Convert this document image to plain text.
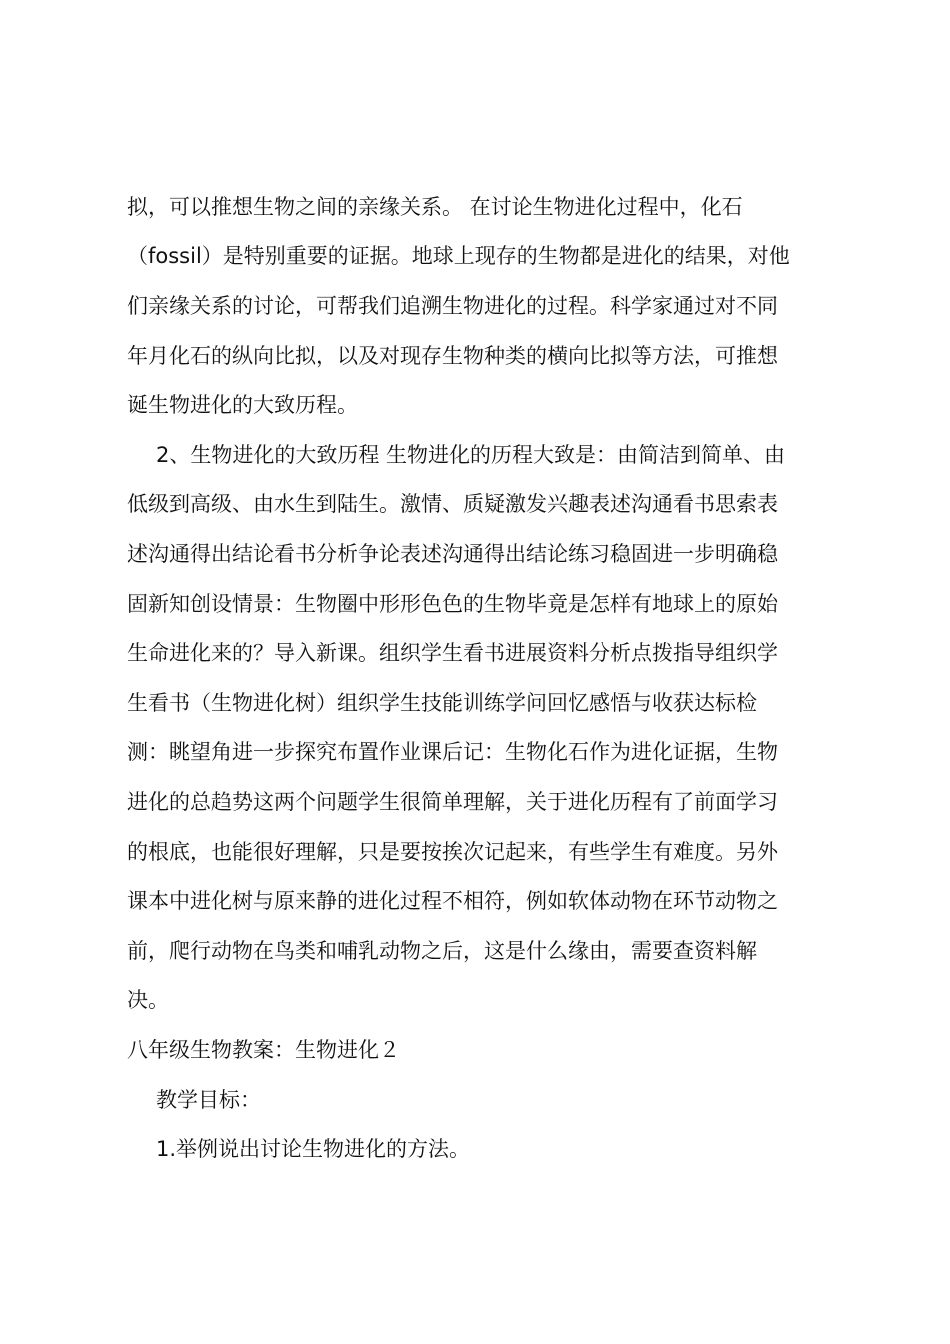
拟，可以推想生物之间的亲缘关系。 在讨论生物进化过程中，化石
（fossil）是特别重要的证据。地球上现存的生物都是进化的结果，对他
们亲缘关系的讨论，可帮我们追溯生物进化的过程。科学家通过对不同
年月化石的纵向比拟，以及对现存生物种类的横向比拟等方法，可推想
诞生物进化的大致历程。
2、生物进化的大致历程 生物进化的历程大致是：由简洁到简单、由
低级到高级、由水生到陆生。激情、质疑激发兴趣表述沟通看书思索表
述沟通得出结论看书分析争论表述沟通得出结论练习稳固进一步明确稳
固新知创设情景：生物圈中形形色色的生物毕竟是怎样有地球上的原始
生命进化来的？导入新课。组织学生看书进展资料分析点拨指导组织学
生看书（生物进化树）组织学生技能训练学问回忆感悟与收获达标检
测：眺望角进一步探究布置作业课后记：生物化石作为进化证据，生物
进化的总趋势这两个问题学生很简单理解，关于进化历程有了前面学习
的根底，也能很好理解，只是要按挨次记起来，有些学生有难度。另外
课本中进化树与原来静的进化过程不相符，例如软体动物在环节动物之
前，爬行动物在鸟类和哺乳动物之后，这是什么缘由，需要查资料解
决。
八年级生物教案：生物进化２
教学目标：
1.举例说出讨论生物进化的方法。
